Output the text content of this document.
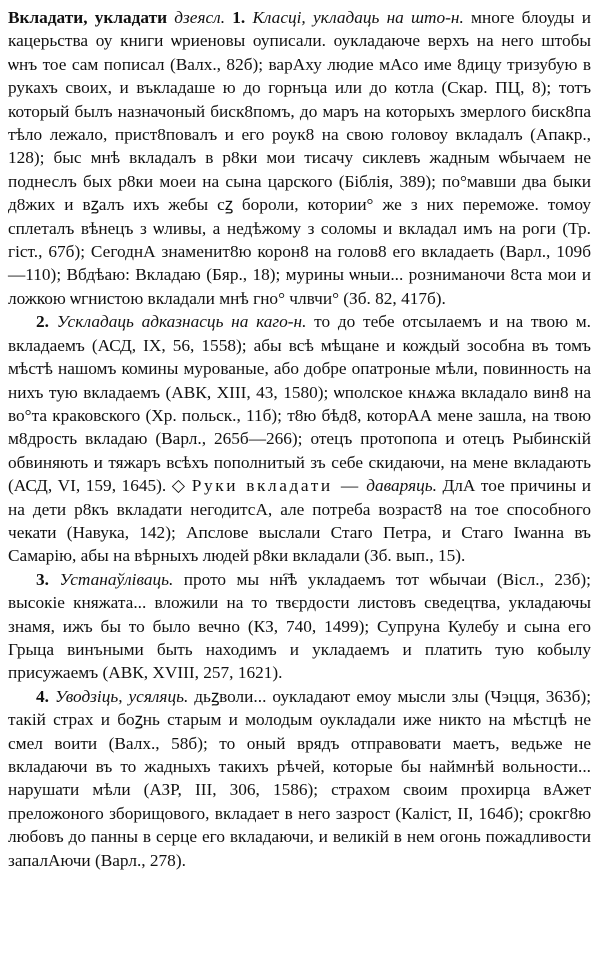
Вкладати, укладати дзеясл. 1. Класці, укладаць на што-н. многе блоуды и кацерьства оу книги ѡриеновы оуписали. оукладаюче верхъ на него штобы ѡнъ тое сам пописал (Валх., 82б); варАху людие мАсо име 8дицу тризубую в рукахъ своих, и въкладаше ю до горнъца или до котла (Скар. ПЦ, 8); тотъ который былъ назначоный биск8помъ, до маръ на которыхъ змерлого биск8па тѣло лежало, прист8повалъ и его роук8 на свою головоу вкладалъ (Апакр., 128); быс мнѣ вкладалъ в р8ки мои тисачу сиклевъ жадным ѡбычаем не поднеслъ бых р8ки моеи на сына царского (Біблія, 389); по°мавши два быки д8жих и вꙁалъ ихъ жебы сꙁ бороли, котории° же з них переможе. томоу сплеталъ вѣнецъ з ѡливы, а недѣжому з соломы и вкладал имъ на роги (Тр. гіст., 67б); СегоднА знаменит8ю корон8 на голов8 его вкладаеть (Варл., 109б—110); Вбдѣаю: Вкладаю (Бяр., 18); мурины ѡныи... розниманочи 8ста мои и ложкою ѡгнистою вкладали мнѣ гно° члвчи° (Зб. 82, 417б).

2. Ускладаць адказнасць на каго-н. то до тебе отсылаемъ и на твою м. вкладаемъ (АСД, IX, 56, 1558); абы всѣ мѣщане и кождый зособна въ томъ мѣстѣ нашомъ комины мурованые, або добре опатроные мѣли, повинность на нихъ тую вкладаемъ (АВК, XIII, 43, 1580); ѡполское кнѧжа вкладало вин8 на во°та краковского (Хр. польск., 11б); т8ю бѣд8, которАА мене зашла, на твою м8дрость вкладаю (Варл., 265б—266); отецъ протопопа и отецъ Рыбинскій обвиняють и тяжаръ всѣхъ пополнитый зъ себе скидаючи, на мене вкладають (АСД, VI, 159, 1645). ◇ Руки вкладати — даваряць. ДлА тое причины и на дети р8къ вкладати негодитсА, але потреба возраст8 на тое способного чекати (Навука, 142); Апслове выслали Стаго Петра, и Стаго Іѡанна въ Самарію, абы на вѣрныхъ людей р8ки вкладали (Зб. вып., 15).

3. Устанаўліваць. прото мы нн҇ѣ укладаемъ тот ѡбычаи (Вісл., 23б); высокіе княжата... вложили на то твєрдости листовъ сведецтва, укладаючы знамя, ижъ бы то было вечно (КЗ, 740, 1499); Супруна Кулебу и сына его Грыца винъными быть находимъ и укладаемъ и платить тую кобылу присужаемъ (АВК, XVIII, 257, 1621).

4. Уводзіць, усяляць. дьꙁволи... оукладают емоу мысли злы (Чэцця, 363б); такій страх и боꙁнь старым и молодым оукладали иже никто на мѣстцѣ не смел воити (Валх., 58б); то оный врядъ отправовати маетъ, ведьже не вкладаючи въ то жадныхъ такихъ рѣчей, которые бы наймнѣй вольности... нарушати мѣли (АЗР, III, 306, 1586); страхом своим прохирца вАжет преложоного зборищового, вкладает в него зазрост (Каліст, II, 164б); срокг8ю любовъ до панны в серце его вкладаючи, и великій в нем огонь пожадливости запалАючи (Варл., 278).
